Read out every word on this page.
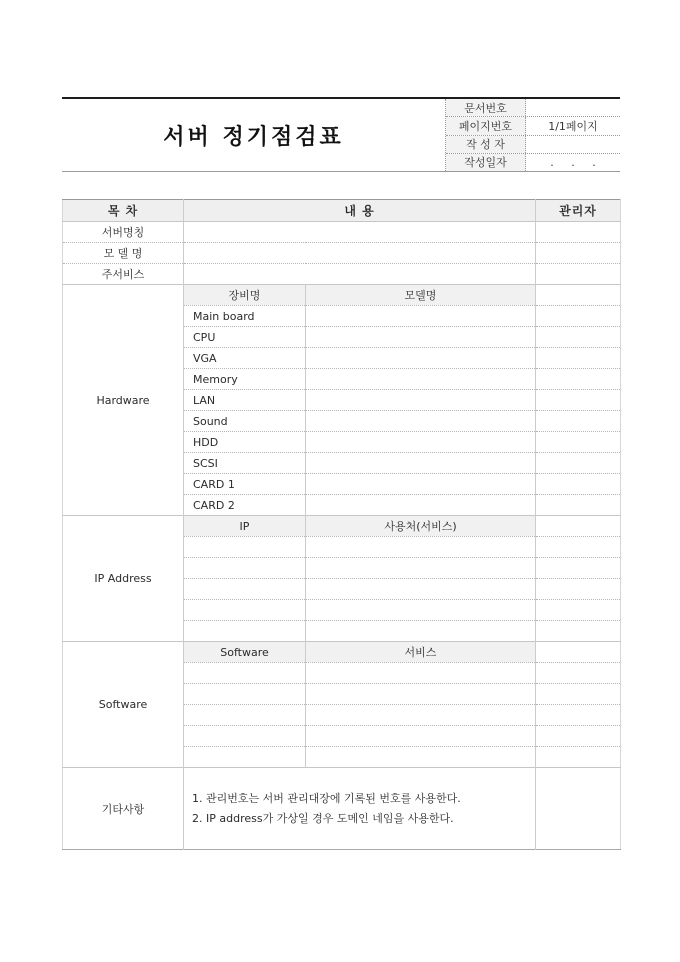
서버 정기점검표
문서번호
페이지번호	1/1페이지
작 성 자
작성일자	. . .
목 차	내 용		관리자
서버명칭			
모 델 명			
주서비스			
Hardware	장비명	모델명	
	Main board		
	CPU		
	VGA		
	Memory		
	LAN		
	Sound		
	HDD		
	SCSI		
	CARD 1		
	CARD 2		
IP Address	IP	사용처(서비스)	

Software	Software	서비스	

기타사항	1. 관리번호는 서버 관리대장에 기록된 번호를 사용한다.
2. IP address가 가상일 경우 도메인 네임을 사용한다.		
